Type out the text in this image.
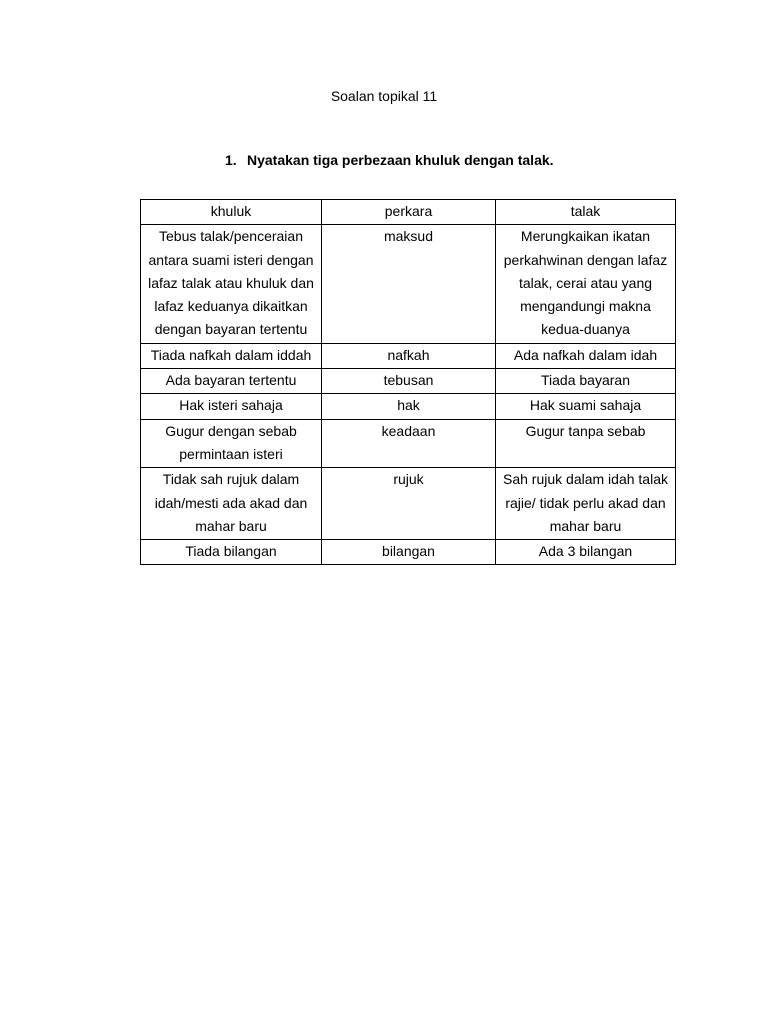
Soalan topikal 11
1. Nyatakan tiga perbezaan khuluk dengan talak.
khuluk	perkara	talak
Tebus talak/penceraian antara suami isteri dengan lafaz talak atau khuluk dan lafaz keduanya dikaitkan dengan bayaran tertentu	maksud	Merungkaikan ikatan perkahwinan dengan lafaz talak, cerai atau yang mengandungi makna kedua-duanya
Tiada nafkah dalam iddah	nafkah	Ada nafkah dalam idah
Ada bayaran tertentu	tebusan	Tiada bayaran
Hak isteri sahaja	hak	Hak suami sahaja
Gugur dengan sebab permintaan isteri	keadaan	Gugur tanpa sebab
Tidak sah rujuk dalam idah/mesti ada akad dan mahar baru	rujuk	Sah rujuk dalam idah talak rajie/ tidak perlu akad dan mahar baru
Tiada bilangan	bilangan	Ada 3 bilangan
